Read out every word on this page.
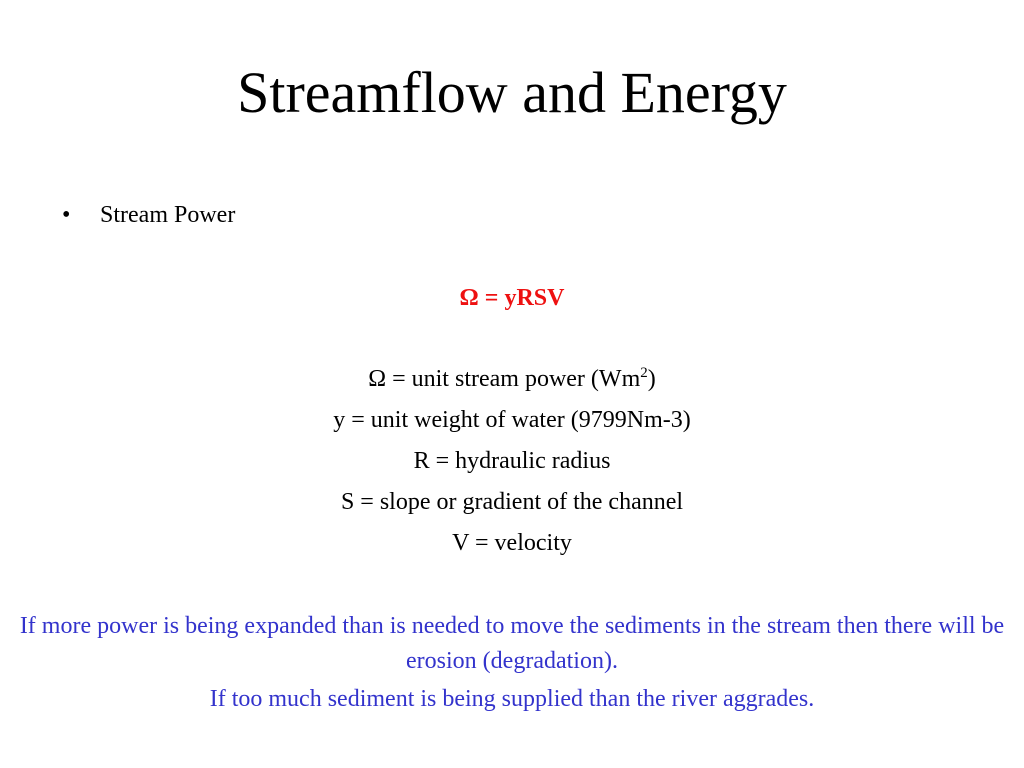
Streamflow and Energy
• Stream Power
Ω = yRSV
Ω = unit stream power (Wm$^2$)
y = unit weight of water (9799Nm-3)
R = hydraulic radius
S = slope or gradient of the channel
V = velocity
If more power is being expanded than is needed to move the sediments in the stream then there will be erosion (degradation).
If too much sediment is being supplied than the river aggrades.
